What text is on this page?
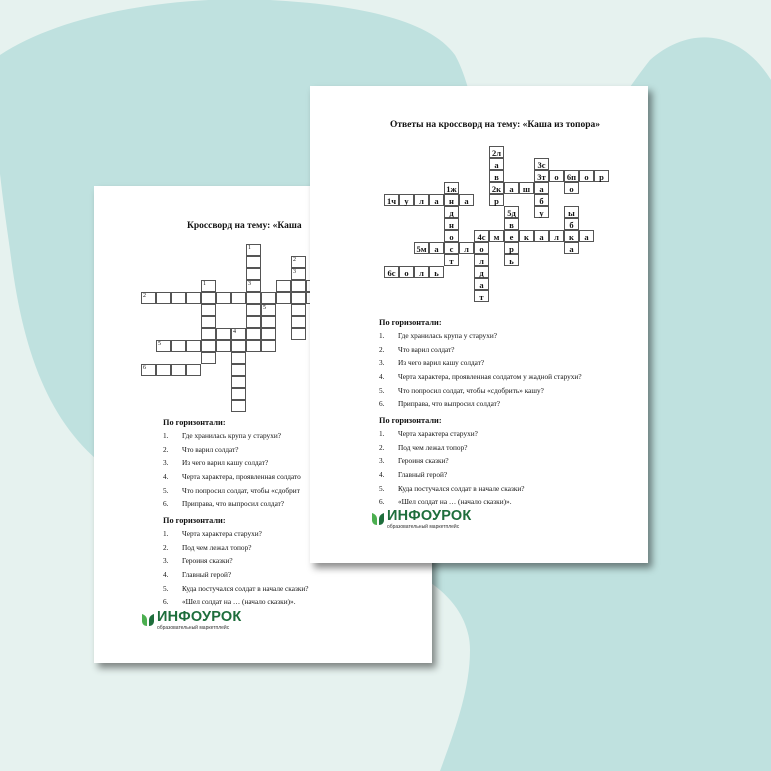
Кроссворд на тему: «Каша
1
3
2
3
1
2
5
4
5
6
По горизонтали:
1. Где хранилась крупа у старухи?
2. Что варил солдат?
3. Из чего варил кашу солдат?
4. Черта характера, проявленная солдато
5. Что попросил солдат, чтобы «сдобрит
6. Приправа, что выпросил солдат?
По горизонтали:
1. Черта характера старухи?
2. Под чем лежал топор?
3. Героиня сказки?
4. Главный герой?
5. Куда постучался солдат в начале сказки?
6. «Шел солдат на … (начало сказки)».
ИНФОУРОК
образовательный маркетплейс
Ответы на кроссворд на тему: «Каша из топора»
2л
а
в
3с
3т	о 6п о	р
1ж	2к а	ш	а	о
1ч у	л	а	н	а	р	б
д	5д	у	ы
н	в	б
о	4с м	е	к	а	л	к	а
5м а	с	л	о	р	а
т	л	ь
6с	о	л	ь	д
а
т
По горизонтали:
1. Где хранилась крупа у старухи?
2. Что варил солдат?
3. Из чего варил кашу солдат?
4. Черта характера, проявленная солдатом у жадной старухи?
5. Что попросил солдат, чтобы «сдобрить» кашу?
6. Приправа, что выпросил солдат?
По горизонтали:
1. Черта характера старухи?
2. Под чем лежал топор?
3. Героиня сказки?
4. Главный герой?
5. Куда постучался солдат в начале сказки?
6. «Шел солдат на … (начало сказки)».
ИНФОУРОК
образовательный маркетплейс
